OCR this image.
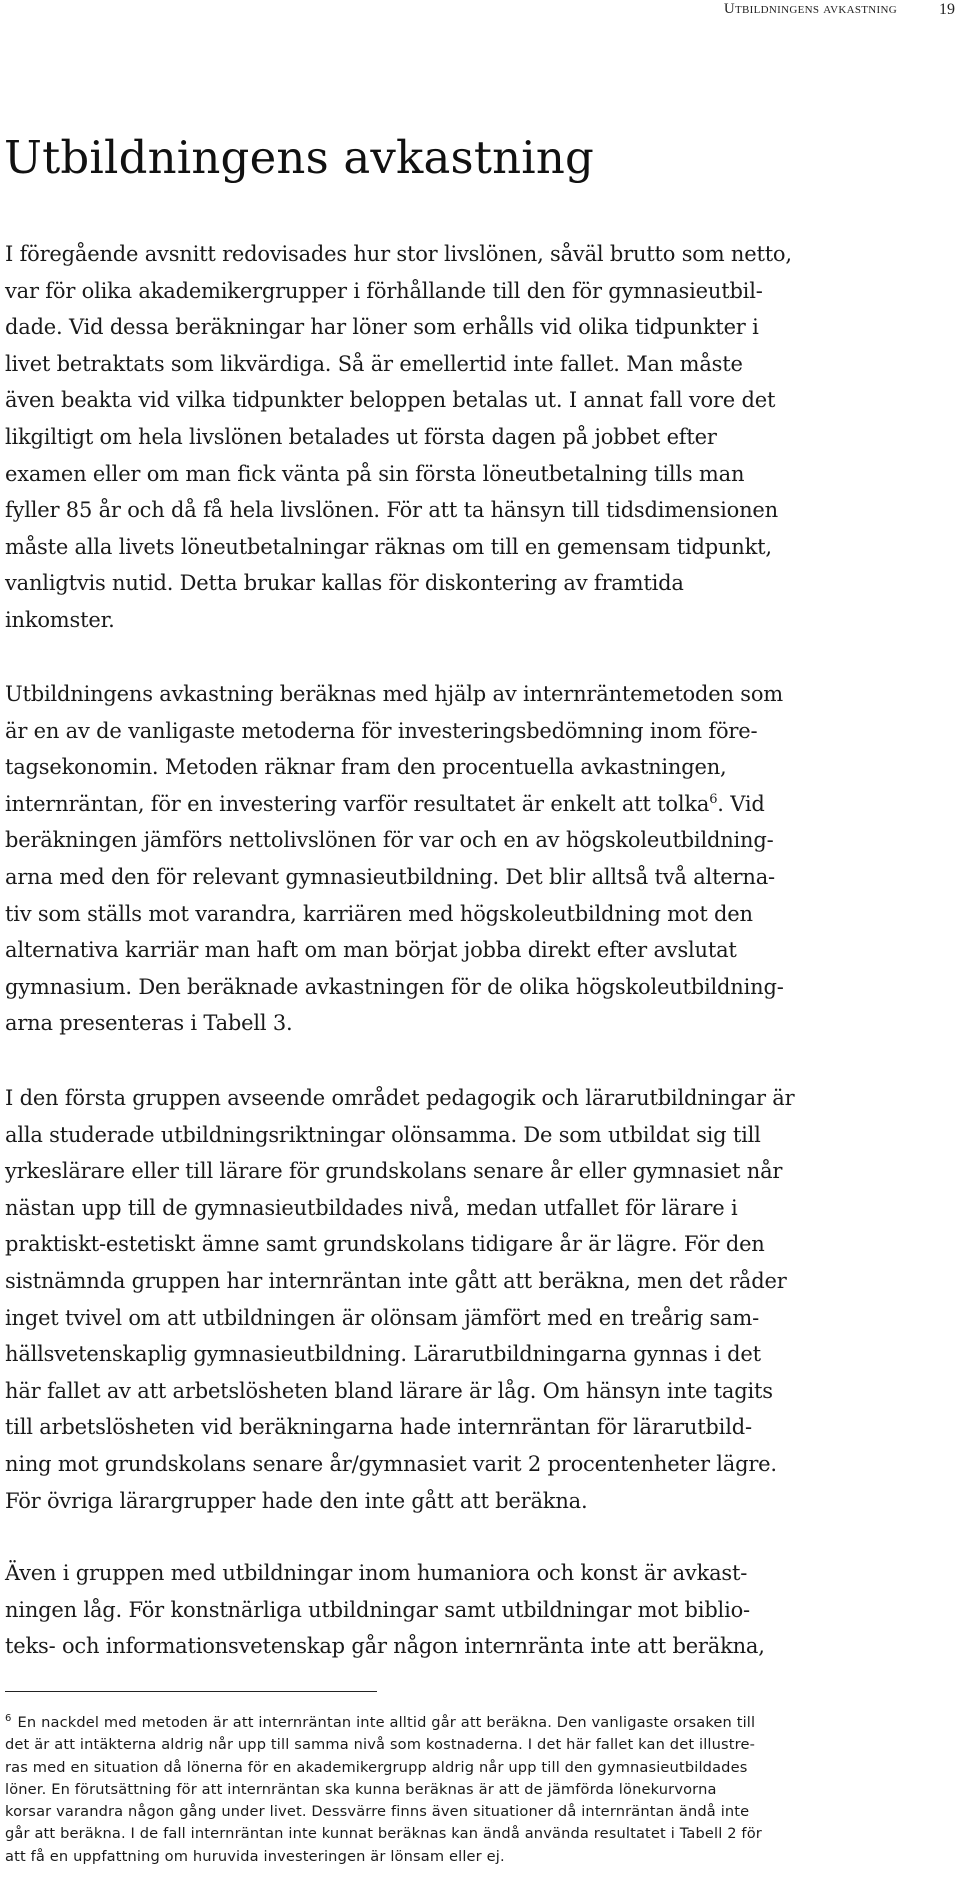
Utbildningens avkastning	19
Utbildningens avkastning

I föregående avsnitt redovisades hur stor livslönen, såväl brutto som netto,
var för olika akademikergrupper i förhållande till den för gymnasieutbil-
dade. Vid dessa beräkningar har löner som erhålls vid olika tidpunkter i
livet betraktats som likvärdiga. Så är emellertid inte fallet. Man måste
även beakta vid vilka tidpunkter beloppen betalas ut. I annat fall vore det
likgiltigt om hela livslönen betalades ut första dagen på jobbet efter
examen eller om man fick vänta på sin första löneutbetalning tills man
fyller 85 år och då få hela livslönen. För att ta hänsyn till tidsdimensionen
måste alla livets löneutbetalningar räknas om till en gemensam tidpunkt,
vanligtvis nutid. Detta brukar kallas för diskontering av framtida
inkomster.

Utbildningens avkastning beräknas med hjälp av internräntemetoden som
är en av de vanligaste metoderna för investeringsbedömning inom före-
tagsekonomin. Metoden räknar fram den procentuella avkastningen,
internräntan, för en investering varför resultatet är enkelt att tolka$^6$. Vid
beräkningen jämförs nettolivslönen för var och en av högskoleutbildning-
arna med den för relevant gymnasieutbildning. Det blir alltså två alterna-
tiv som ställs mot varandra, karriären med högskoleutbildning mot den
alternativa karriär man haft om man börjat jobba direkt efter avslutat
gymnasium. Den beräknade avkastningen för de olika högskoleutbildning-
arna presenteras i Tabell 3.

I den första gruppen avseende området pedagogik och lärarutbildningar är
alla studerade utbildningsriktningar olönsamma. De som utbildat sig till
yrkeslärare eller till lärare för grundskolans senare år eller gymnasiet når
nästan upp till de gymnasieutbildades nivå, medan utfallet för lärare i
praktiskt-estetiskt ämne samt grundskolans tidigare år är lägre. För den
sistnämnda gruppen har internräntan inte gått att beräkna, men det råder
inget tvivel om att utbildningen är olönsam jämfört med en treårig sam-
hällsvetenskaplig gymnasieutbildning. Lärarutbildningarna gynnas i det
här fallet av att arbetslösheten bland lärare är låg. Om hänsyn inte tagits
till arbetslösheten vid beräkningarna hade internräntan för lärarutbild-
ning mot grundskolans senare år/gymnasiet varit 2 procentenheter lägre.
För övriga lärargrupper hade den inte gått att beräkna.

Även i gruppen med utbildningar inom humaniora och konst är avkast-
ningen låg. För konstnärliga utbildningar samt utbildningar mot biblio-
teks- och informationsvetenskap går någon internränta inte att beräkna,

$^6$ En nackdel med metoden är att internräntan inte alltid går att beräkna. Den vanligaste orsaken till
det är att intäkterna aldrig når upp till samma nivå som kostnaderna. I det här fallet kan det illustre-
ras med en situation då lönerna för en akademikergrupp aldrig når upp till den gymnasieutbildades
löner. En förutsättning för att internräntan ska kunna beräknas är att de jämförda lönekurvorna
korsar varandra någon gång under livet. Dessvärre finns även situationer då internräntan ändå inte
går att beräkna. I de fall internräntan inte kunnat beräknas kan ändå använda resultatet i Tabell 2 för
att få en uppfattning om huruvida investeringen är lönsam eller ej.
